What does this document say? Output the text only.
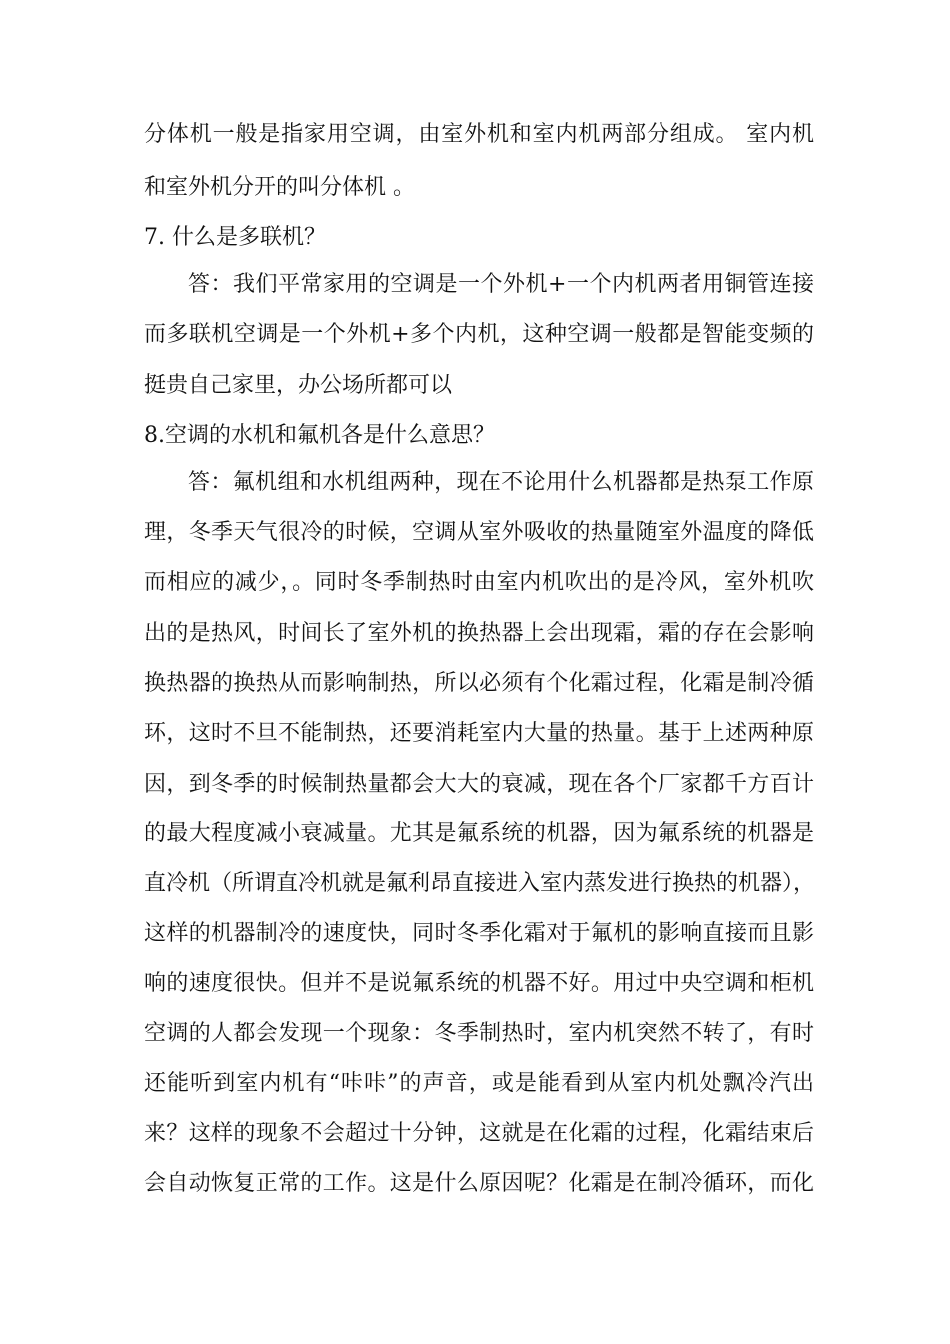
分体机一般是指家用空调，由室外机和室内机两部分组成。 室内机
和室外机分开的叫分体机 。
7. 什么是多联机？
答：我们平常家用的空调是一个外机+一个内机两者用铜管连接
而多联机空调是一个外机+多个内机，这种空调一般都是智能变频的
挺贵自己家里，办公场所都可以
8.空调的水机和氟机各是什么意思？
答：氟机组和水机组两种，现在不论用什么机器都是热泵工作原
理，冬季天气很冷的时候，空调从室外吸收的热量随室外温度的降低
而相应的减少，。同时冬季制热时由室内机吹出的是冷风，室外机吹
出的是热风，时间长了室外机的换热器上会出现霜，霜的存在会影响
换热器的换热从而影响制热，所以必须有个化霜过程，化霜是制冷循
环，这时不旦不能制热，还要消耗室内大量的热量。基于上述两种原
因，到冬季的时候制热量都会大大的衰减，现在各个厂家都千方百计
的最大程度减小衰减量。尤其是氟系统的机器，因为氟系统的机器是
直冷机（所谓直冷机就是氟利昂直接进入室内蒸发进行换热的机器），
这样的机器制冷的速度快，同时冬季化霜对于氟机的影响直接而且影
响的速度很快。但并不是说氟系统的机器不好。用过中央空调和柜机
空调的人都会发现一个现象：冬季制热时，室内机突然不转了，有时
还能听到室内机有“咔咔”的声音，或是能看到从室内机处飘冷汽出
来？这样的现象不会超过十分钟，这就是在化霜的过程，化霜结束后
会自动恢复正常的工作。这是什么原因呢？化霜是在制冷循环，而化
